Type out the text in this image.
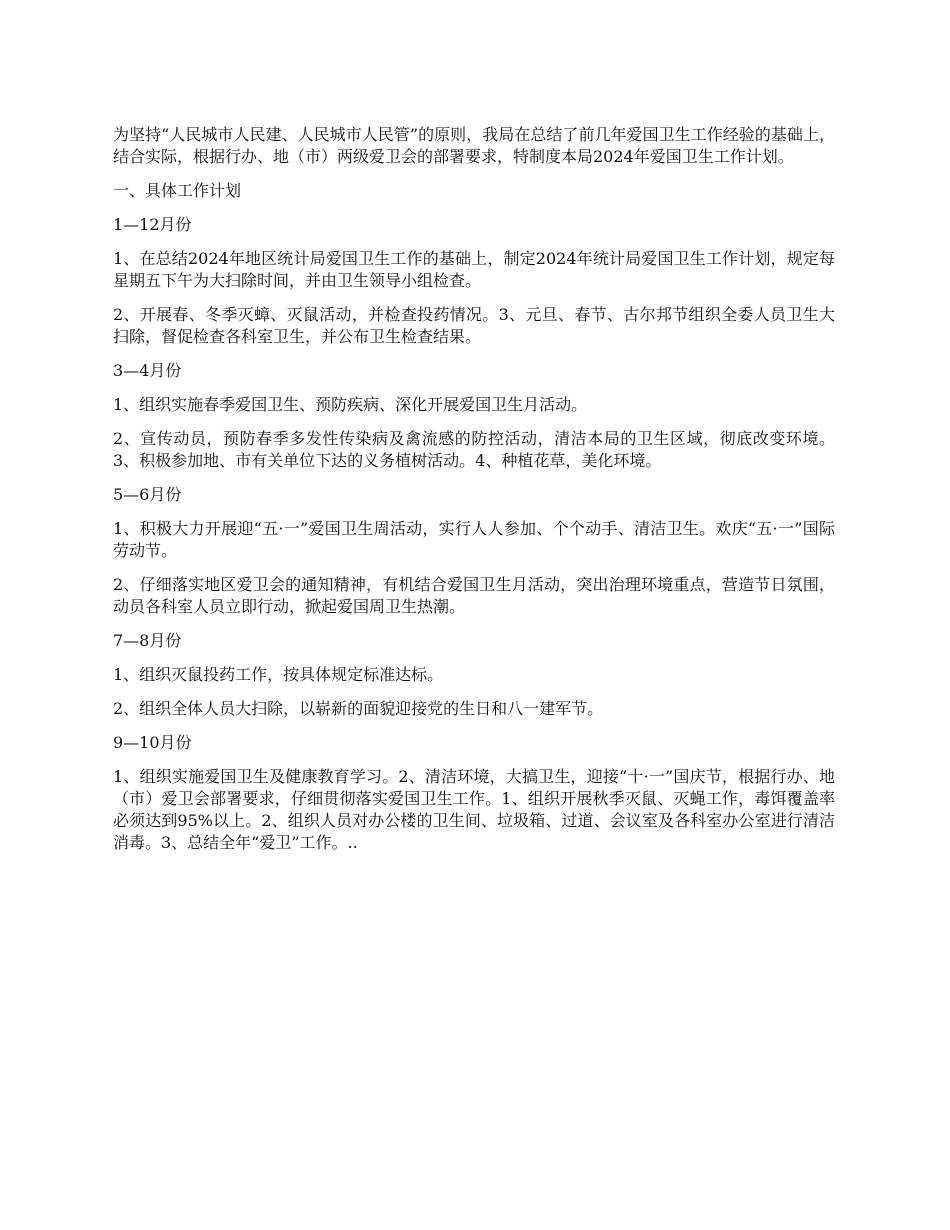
为坚持“人民城市人民建、人民城市人民管”的原则，我局在总结了前几年爱国卫生工作经验的基础上，结合实际，根据行办、地（市）两级爱卫会的部署要求，特制度本局2024年爱国卫生工作计划。

一、具体工作计划

1—12月份

1、在总结2024年地区统计局爱国卫生工作的基础上，制定2024年统计局爱国卫生工作计划，规定每星期五下午为大扫除时间，并由卫生领导小组检查。

2、开展春、冬季灭蟑、灭鼠活动，并检查投药情况。3、元旦、春节、古尔邦节组织全委人员卫生大扫除，督促检查各科室卫生，并公布卫生检查结果。

3—4月份

1、组织实施春季爱国卫生、预防疾病、深化开展爱国卫生月活动。

2、宣传动员，预防春季多发性传染病及禽流感的防控活动，清洁本局的卫生区域，彻底改变环境。3、积极参加地、市有关单位下达的义务植树活动。4、种植花草，美化环境。

5—6月份

1、积极大力开展迎“五·一”爱国卫生周活动，实行人人参加、个个动手、清洁卫生。欢庆“五·一”国际劳动节。

2、仔细落实地区爱卫会的通知精神，有机结合爱国卫生月活动，突出治理环境重点，营造节日氛围，动员各科室人员立即行动，掀起爱国周卫生热潮。

7—8月份

1、组织灭鼠投药工作，按具体规定标准达标。

2、组织全体人员大扫除，以崭新的面貌迎接党的生日和八一建军节。

9—10月份

1、组织实施爱国卫生及健康教育学习。2、清洁环境，大搞卫生，迎接“十·一”国庆节，根据行办、地（市）爱卫会部署要求，仔细贯彻落实爱国卫生工作。1、组织开展秋季灭鼠、灭蝇工作，毒饵覆盖率必须达到95%以上。2、组织人员对办公楼的卫生间、垃圾箱、过道、会议室及各科室办公室进行清洁消毒。3、总结全年“爱卫”工作。..
